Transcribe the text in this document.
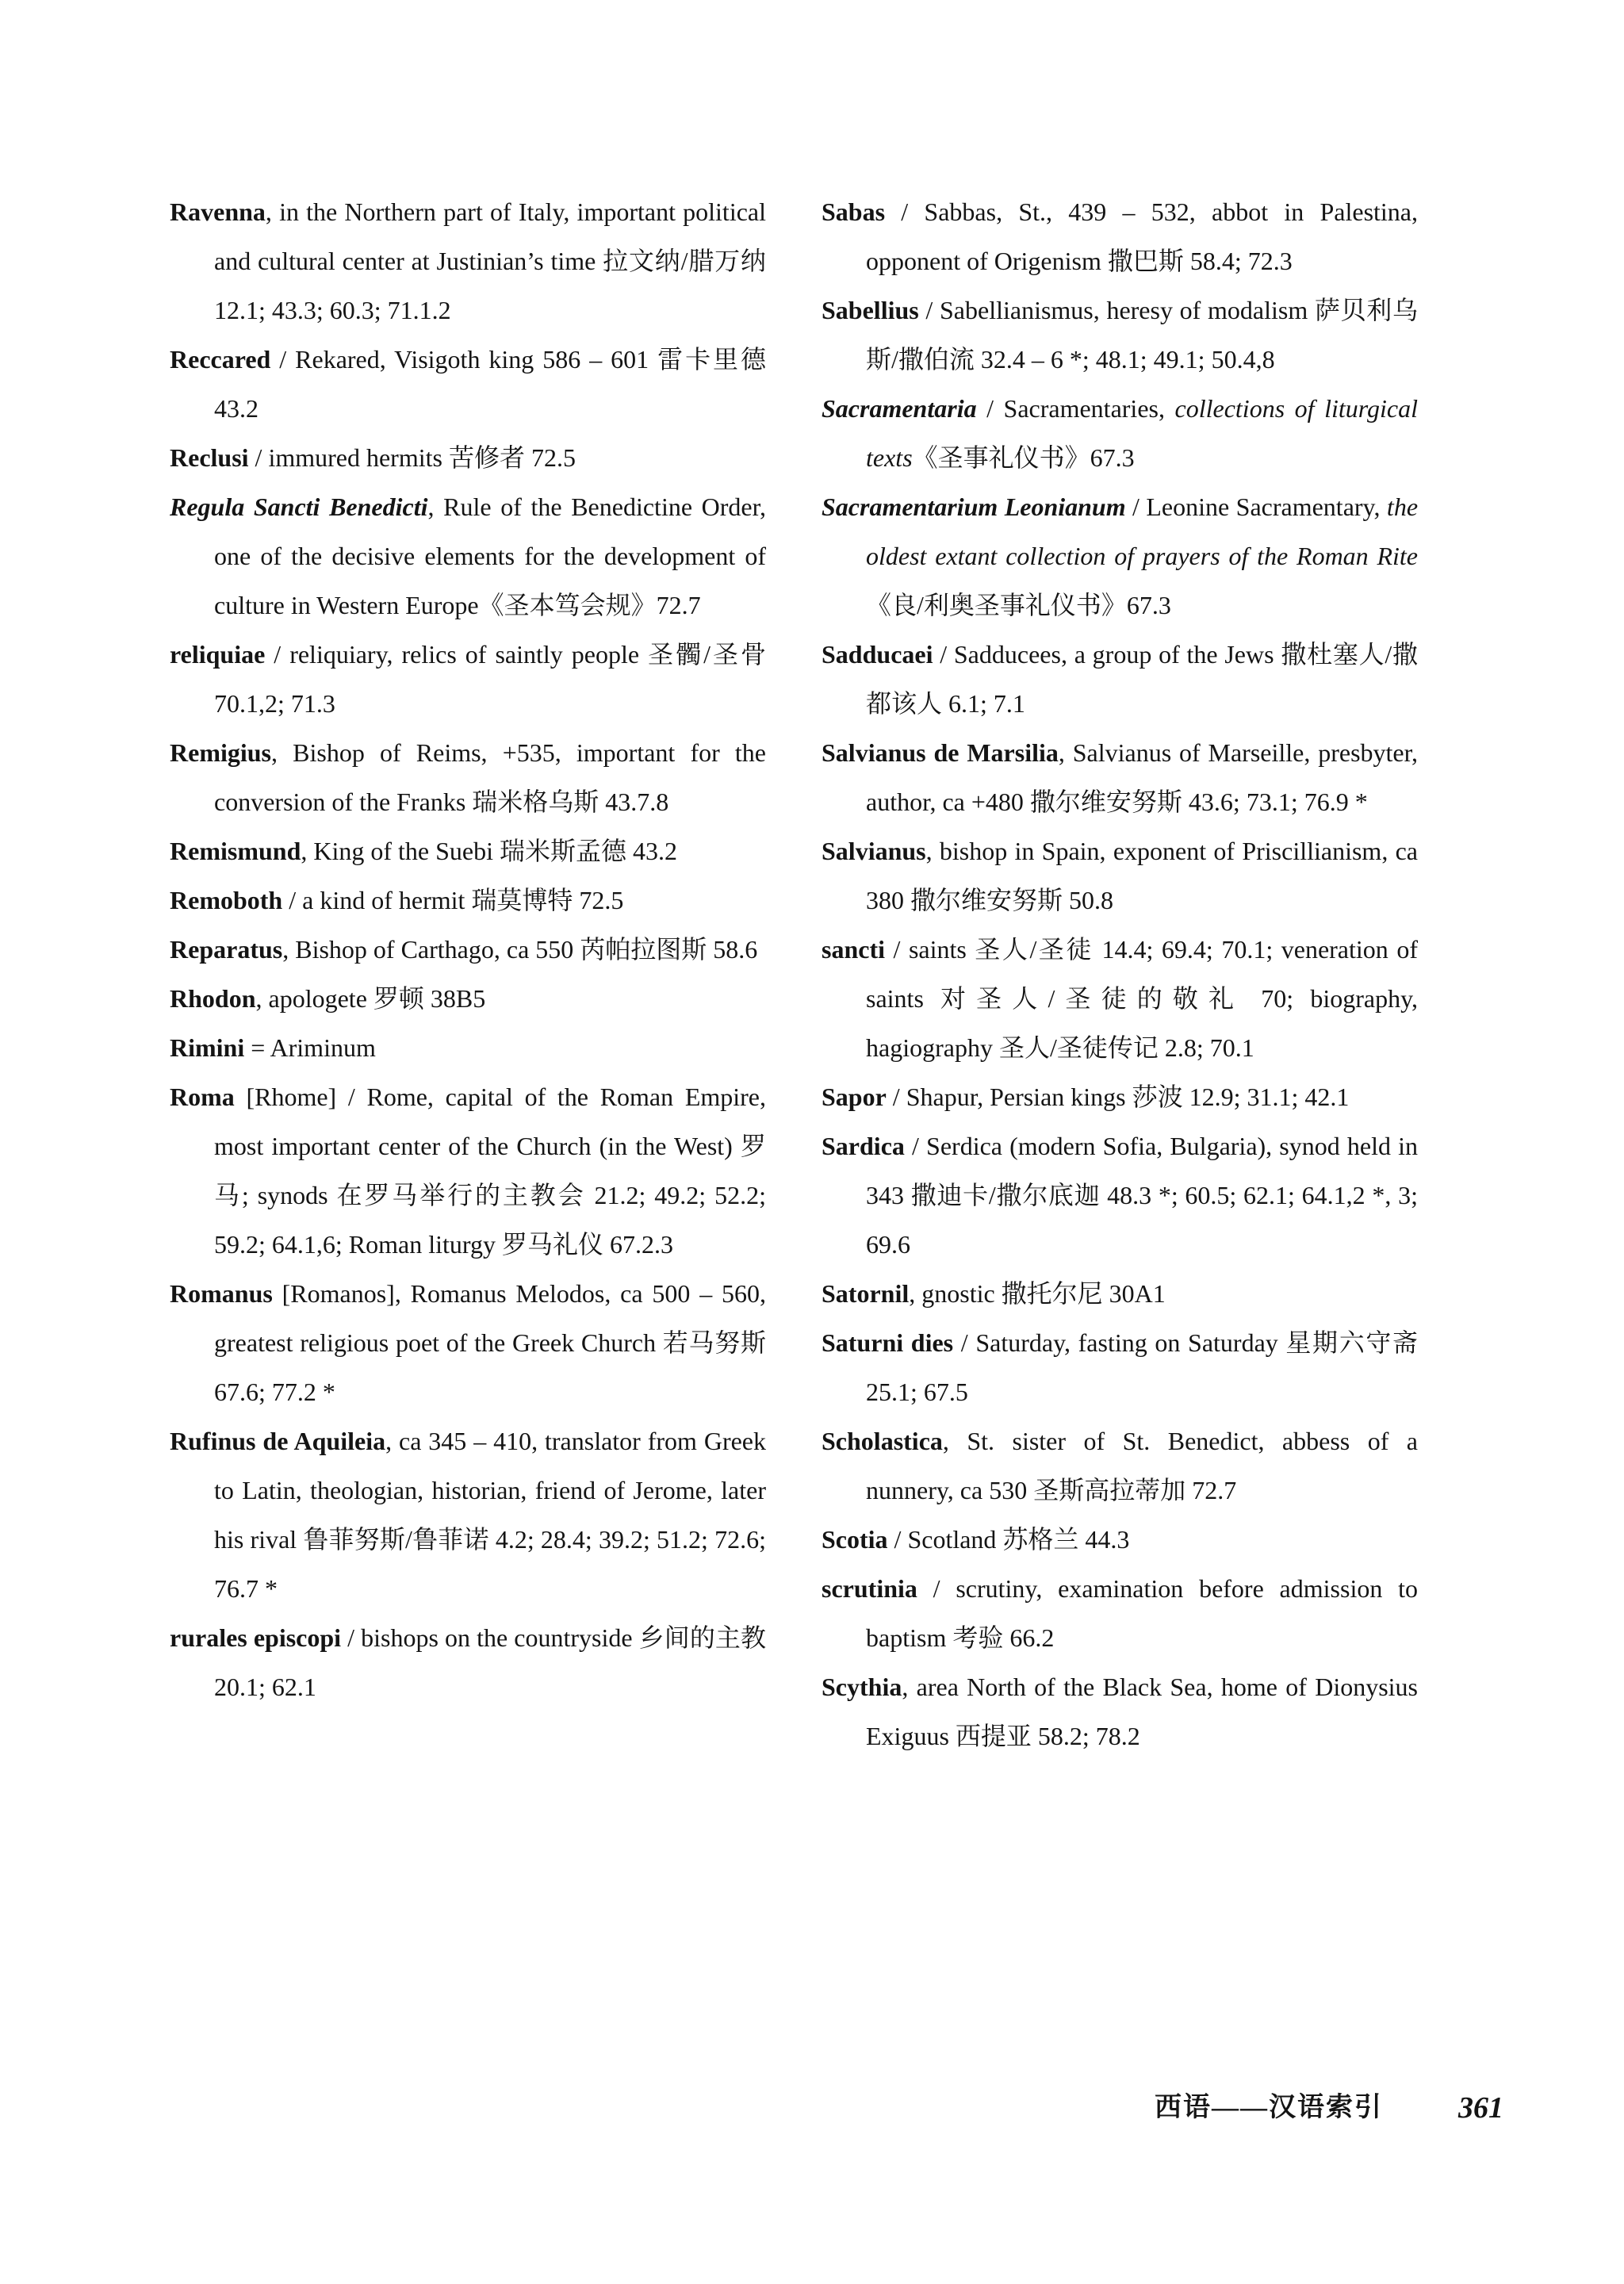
Ravenna, in the Northern part of Italy, important political and cultural center at Justinian’s time 拉文纳/腊万纳 12.1; 43.3; 60.3; 71.1.2
Reccared / Rekared, Visigoth king 586 – 601 雷卡里德 43.2
Reclusi / immured hermits 苦修者 72.5
Regula Sancti Benedicti, Rule of the Benedictine Order, one of the decisive elements for the development of culture in Western Europe《圣本笃会规》72.7
reliquiae / reliquiary, relics of saintly people 圣髑/圣骨 70.1,2; 71.3
Remigius, Bishop of Reims, +535, important for the conversion of the Franks 瑞米格乌斯 43.7.8
Remismund, King of the Suebi 瑞米斯孟德 43.2
Remoboth / a kind of hermit 瑞莫博特 72.5
Reparatus, Bishop of Carthago, ca 550 芮帕拉图斯 58.6
Rhodon, apologete 罗顿 38B5
Rimini = Ariminum
Roma [Rhome] / Rome, capital of the Roman Empire, most important center of the Church (in the West) 罗马; synods 在罗马举行的主教会 21.2; 49.2; 52.2; 59.2; 64.1,6; Roman liturgy 罗马礼仪 67.2.3
Romanus [Romanos], Romanus Melodos, ca 500 – 560, greatest religious poet of the Greek Church 若马努斯 67.6; 77.2 *
Rufinus de Aquileia, ca 345 – 410, translator from Greek to Latin, theologian, historian, friend of Jerome, later his rival 鲁菲努斯/鲁菲诺 4.2; 28.4; 39.2; 51.2; 72.6; 76.7 *
rurales episcopi / bishops on the countryside 乡间的主教 20.1; 62.1
Sabas / Sabbas, St., 439 – 532, abbot in Palestina, opponent of Origenism 撒巴斯 58.4; 72.3
Sabellius / Sabellianismus, heresy of modalism 萨贝利乌斯/撒伯流 32.4 – 6 *; 48.1; 49.1; 50.4,8
Sacramentaria / Sacramentaries, collections of liturgical texts《圣事礼仪书》67.3
Sacramentarium Leonianum / Leonine Sacramentary, the oldest extant collection of prayers of the Roman Rite《良/利奥圣事礼仪书》67.3
Sadducaei / Sadducees, a group of the Jews 撒杜塞人/撒都该人 6.1; 7.1
Salvianus de Marsilia, Salvianus of Marseille, presbyter, author, ca +480 撒尔维安努斯 43.6; 73.1; 76.9 *
Salvianus, bishop in Spain, exponent of Priscillianism, ca 380 撒尔维安努斯 50.8
sancti / saints 圣人/圣徒 14.4; 69.4; 70.1; veneration of saints 对圣人/圣徒的敬礼 70; biography, hagiography 圣人/圣徒传记 2.8; 70.1
Sapor / Shapur, Persian kings 莎波 12.9; 31.1; 42.1
Sardica / Serdica (modern Sofia, Bulgaria), synod held in 343 撒迪卡/撒尔底迦 48.3 *; 60.5; 62.1; 64.1,2 *, 3; 69.6
Satornil, gnostic 撒托尔尼 30A1
Saturni dies / Saturday, fasting on Saturday 星期六守斋 25.1; 67.5
Scholastica, St. sister of St. Benedict, abbess of a nunnery, ca 530 圣斯高拉蒂加 72.7
Scotia / Scotland 苏格兰 44.3
scrutinia / scrutiny, examination before admission to baptism 考验 66.2
Scythia, area North of the Black Sea, home of Dionysius Exiguus 西提亚 58.2; 78.2
西语——汉语索引	361
